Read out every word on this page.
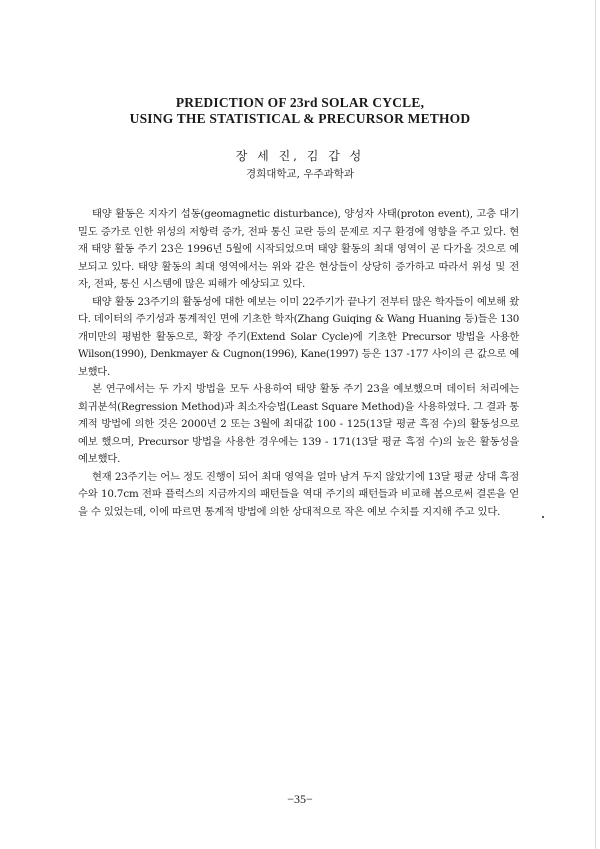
PREDICTION OF 23rd SOLAR CYCLE,
USING THE STATISTICAL & PRECURSOR METHOD

장 세 진, 김 갑 성

경희대학교, 우주과학과

태양 활동은 지자기 섭동(geomagnetic disturbance), 양성자 사태(proton event), 고층 대기 밀도 증가로 인한 위성의 저항력 증가, 전파 통신 교란 등의 문제로 지구 환경에 영향을 주고 있다. 현재 태양 활동 주기 23은 1996년 5월에 시작되었으며 태양 활동의 최대 영역이 곧 다가올 것으로 예보되고 있다. 태양 활동의 최대 영역에서는 위와 같은 현상들이 상당히 증가하고 따라서 위성 및 전자, 전파, 통신 시스템에 많은 피해가 예상되고 있다.

태양 활동 23주기의 활동성에 대한 예보는 이미 22주기가 끝나기 전부터 많은 학자들이 예보해 왔다. 데이터의 주기성과 통계적인 면에 기초한 학자(Zhang Guiqing & Wang Huaning 등)들은 130개미만의 평범한 활동으로, 확장 주기(Extend Solar Cycle)에 기초한 Precursor 방법을 사용한 Wilson(1990), Denkmayer & Cugnon(1996), Kane(1997) 등은 137 -177 사이의 큰 값으로 예보했다.

본 연구에서는 두 가지 방법을 모두 사용하여 태양 활동 주기 23을 예보했으며 데이터 처리에는 회귀분석(Regression Method)과 최소자승법(Least Square Method)을 사용하였다. 그 결과 통계적 방법에 의한 것은 2000년 2 또는 3월에 최대값 100 - 125(13달 평균 흑점 수)의 활동성으로 예보 했으며, Precursor 방법을 사용한 경우에는 139 - 171(13달 평균 흑점 수)의 높은 활동성을 예보했다.

현재 23주기는 어느 정도 진행이 되어 최대 영역을 얼마 남겨 두지 않았기에 13달 평균 상대 흑점 수와 10.7cm 전파 플럭스의 지금까지의 패턴들을 역대 주기의 패턴들과 비교해 봄으로써 결론을 얻을 수 있었는데, 이에 따르면 통계적 방법에 의한 상대적으로 작은 예보 수치를 지지해 주고 있다.

−35−
